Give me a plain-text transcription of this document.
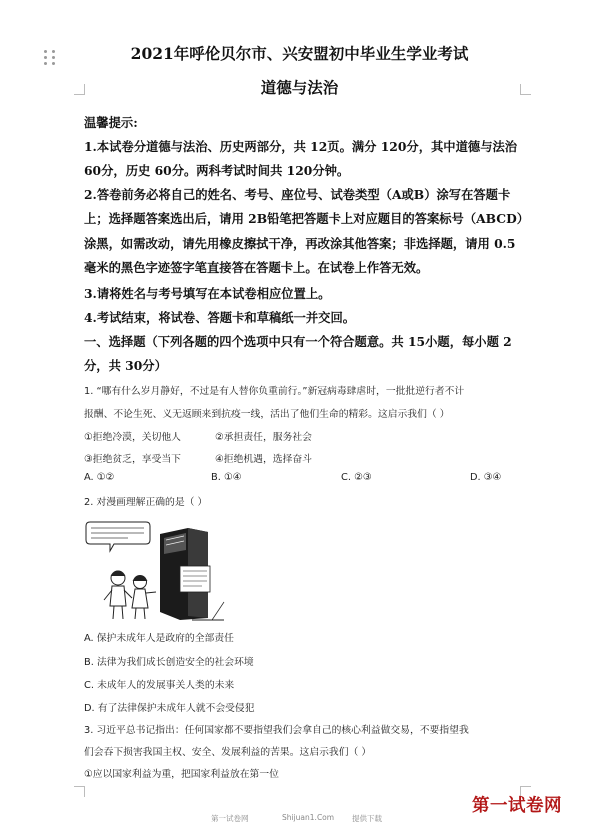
2021年呼伦贝尔市、兴安盟初中毕业生学业考试
道德与法治
温馨提示:
1.本试卷分道德与法治、历史两部分，共 12页。满分 120分，其中道德与法治
60分，历史 60分。两科考试时间共 120分钟。
2.答卷前务必将自己的姓名、考号、座位号、试卷类型（A或B）涂写在答题卡
上；选择题答案选出后，请用 2B铅笔把答题卡上对应题目的答案标号（ABCD）
涂黑，如需改动，请先用橡皮擦拭干净，再改涂其他答案；非选择题，请用 0.5
毫米的黑色字迹签字笔直接答在答题卡上。在试卷上作答无效。
3.请将姓名与考号填写在本试卷相应位置上。
4.考试结束，将试卷、答题卡和草稿纸一并交回。
一、选择题（下列各题的四个选项中只有一个符合题意。共 15小题，每小题 2
分，共 30分）
1. “哪有什么岁月静好，不过是有人替你负重前行。”新冠病毒肆虐时，一批批逆行者不计
报酬、不论生死、义无返顾来到抗疫一线，活出了他们生命的精彩。这启示我们（ ）
①拒绝冷漠，关切他人	②承担责任，服务社会
③拒绝贫乏，享受当下	④拒绝机遇，选择奋斗
A. ①②	B. ①④	C. ②③	D. ③④
2. 对漫画理解正确的是（ ）
A. 保护未成年人是政府的全部责任
B. 法律为我们成长创造安全的社会环境
C. 未成年人的发展事关人类的未来
D. 有了法律保护未成年人就不会受侵犯
3. 习近平总书记指出：任何国家都不要指望我们会拿自己的核心利益做交易，不要指望我
们会吞下损害我国主权、安全、发展利益的苦果。这启示我们（ ）
①应以国家利益为重，把国家利益放在第一位
第一试卷网	Shijuan1.Com 提供下载
第一试卷网
